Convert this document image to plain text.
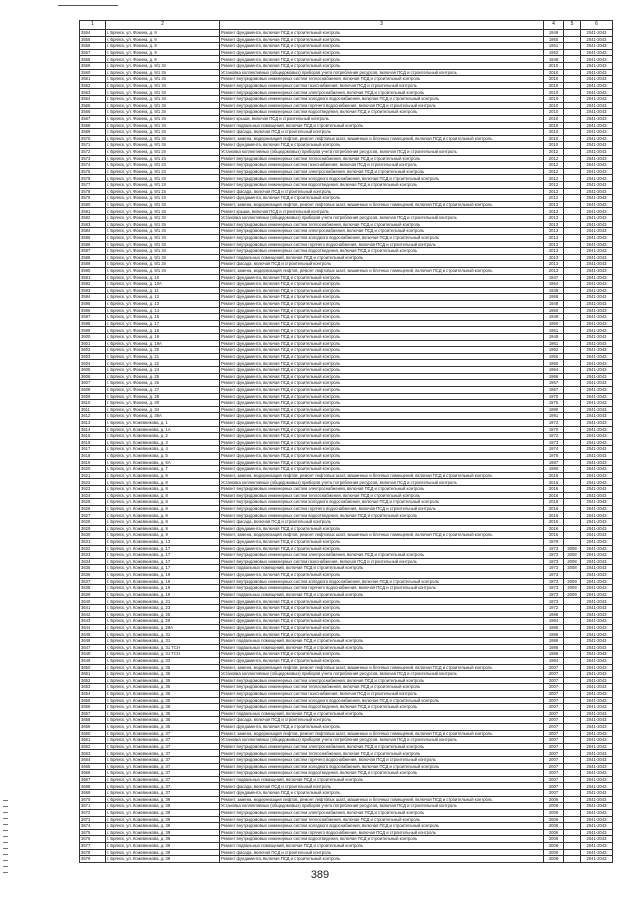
1	2	3	4	5	6
3554	г. Брянск, ул. Фокина, д. 9	Ремонт фундамента, включая ПСД и строительный контроль	1949		2041-2043
3555	г. Брянск, ул. Фокина, д. 9	Ремонт фундамента, включая ПСД и строительный контроль	1950		2041-2043
3556	г. Брянск, ул. Фокина, д. 9	Ремонт фундамента, включая ПСД и строительный контроль	1951		2041-2043
3557	г. Брянск, ул. Фокина, д. 9	Ремонт фундамента, включая ПСД и строительный контроль	1952		2041-2043
3558	г. Брянск, ул. Фокина, д. 9	Ремонт фундамента, включая ПСД и строительный контроль	1948		2041-2043
3559	г. Брянск, ул. Фокина, д. 9/1 3п	Ремонт фундамента, включая ПСД и строительный контроль	2010		2041-2043
3560	г. Брянск, ул. Фокина, д. 9/1 3п	Установка коллективных (общедомовых) приборов учета потребления ресурсов, включая ПСД и строительный контроль	2010		2041-2043
3561	г. Брянск, ул. Фокина, д. 9/1 3п	Ремонт внутридомовых инженерных систем теплоснабжения, включая ПСД и строительный контроль	2010		2041-2043
3562	г. Брянск, ул. Фокина, д. 9/1 3п	Ремонт внутридомовых инженерных систем газоснабжения, включая ПСД и строительный контроль	2010		2041-2043
3563	г. Брянск, ул. Фокина, д. 9/1 3п	Ремонт внутридомовых инженерных систем электроснабжения, включая ПСД и строительный контроль	2010		2041-2043
3564	г. Брянск, ул. Фокина, д. 9/1 3п	Ремонт внутридомовых инженерных систем холодного водоснабжения, включая ПСД и строительный контроль	2010		2041-2043
3565	г. Брянск, ул. Фокина, д. 9/1 3п	Ремонт внутридомовых инженерных систем горячего водоснабжения, включая ПСД и строительный контроль	2010		2041-2043
3566	г. Брянск, ул. Фокина, д. 9/1 3п	Ремонт внутридомовых инженерных систем водоотведения, включая ПСД и строительный контроль	2010		2041-2043
3567	г. Брянск, ул. Фокина, д. 9/1 3п	Ремонт крыши, включая ПСД и строительный контроль	2010		2041-2043
3568	г. Брянск, ул. Фокина, д. 9/1 3п	Ремонт подвальных помещений, включая ПСД и строительный контроль	2010		2041-2043
3569	г. Брянск, ул. Фокина, д. 9/1 3п	Ремонт фасада, включая ПСД и строительный контроль	2010		2041-2043
3570	г. Брянск, ул. Фокина, д. 9/1 3п	Ремонт, замена, модернизация лифтов, ремонт лифтовых шахт, машинных и блочных помещений, включая ПСД и строительный контроль	2010		2041-2043
3571	г. Брянск, ул. Фокина, д. 9/1 3п	Ремонт фундамента, включая ПСД и строительный контроль	2010		2041-2043
3572	г. Брянск, ул. Фокина, д. 9/1 2п	Установка коллективных (общедомовых) приборов учета потребления ресурсов, включая ПСД и строительный контроль	2012		2041-2043
3573	г. Брянск, ул. Фокина, д. 9/1 2п	Ремонт внутридомовых инженерных систем теплоснабжения, включая ПСД и строительный контроль	2012		2041-2043
3574	г. Брянск, ул. Фокина, д. 9/1 2п	Ремонт внутридомовых инженерных систем газоснабжения, включая ПСД и строительный контроль	2012		2041-2043
3575	г. Брянск, ул. Фокина, д. 9/1 2п	Ремонт внутридомовых инженерных систем электроснабжения, включая ПСД и строительный контроль	2012		2041-2043
3576	г. Брянск, ул. Фокина, д. 9/1 2п	Ремонт внутридомовых инженерных систем холодного водоснабжения, включая ПСД и строительный контроль	2012		2041-2043
3577	г. Брянск, ул. Фокина, д. 9/1 2п	Ремонт внутридомовых инженерных систем водоотведения, включая ПСД и строительный контроль	2012		2041-2043
3578	г. Брянск, ул. Фокина, д. 9/1 2п	Ремонт фасада, включая ПСД и строительный контроль	2012		2041-2043
3579	г. Брянск, ул. Фокина, д. 9/1 2п	Ремонт фундамента, включая ПСД и строительный контроль	2012		2041-2043
3580	г. Брянск, ул. Фокина, д. 9/1 3п	Ремонт, замена, модернизация лифтов, ремонт лифтовых шахт, машинных и блочных помещений, включая ПСД и строительный контроль	2013		2041-2043
3581	г. Брянск, ул. Фокина, д. 9/1 3п	Ремонт крыши, включая ПСД и строительный контроль	2013		2041-2043
3582	г. Брянск, ул. Фокина, д. 9/1 3п	Установка коллективных (общедомовых) приборов учета потребления ресурсов, включая ПСД и строительный контроль	2013		2041-2043
3583	г. Брянск, ул. Фокина, д. 9/1 3п	Ремонт внутридомовых инженерных систем теплоснабжения, включая ПСД и строительный контроль	2013		2041-2043
3584	г. Брянск, ул. Фокина, д. 9/1 3п	Ремонт внутридомовых инженерных систем электроснабжения, включая ПСД и строительный контроль	2013		2041-2043
3585	г. Брянск, ул. Фокина, д. 9/1 3п	Ремонт внутридомовых инженерных систем холодного водоснабжения, включая ПСД и строительный контроль	2013		2041-2043
3586	г. Брянск, ул. Фокина, д. 9/1 3п	Ремонт внутридомовых инженерных систем горячего водоснабжения, включая ПСД и строительный контроль	2013		2041-2043
3587	г. Брянск, ул. Фокина, д. 9/1 3п	Ремонт внутридомовых инженерных систем водоотведения, включая ПСД и строительный контроль	2013		2041-2043
3588	г. Брянск, ул. Фокина, д. 9/1 3п	Ремонт подвальных помещений, включая ПСД и строительный контроль	2013		2041-2043
3589	г. Брянск, ул. Фокина, д. 9/1 3п	Ремонт фасада, включая ПСД и строительный контроль	2013		2041-2043
3590	г. Брянск, ул. Фокина, д. 9/1 3п	Ремонт, замена, модернизация лифтов, ремонт лифтовых шахт, машинных и блочных помещений, включая ПСД и строительный контроль	2013		2041-2043
3591	г. Брянск, ул. Фокина, д. 10	Ремонт фундамента, включая ПСД и строительный контроль	1947		2041-2043
3592	г. Брянск, ул. Фокина, д. 10А	Ремонт фундамента, включая ПСД и строительный контроль	1954		2041-2043
3593	г. Брянск, ул. Фокина, д. 11	Ремонт фундамента, включая ПСД и строительный контроль	1948		2041-2043
3594	г. Брянск, ул. Фокина, д. 12	Ремонт фундамента, включая ПСД и строительный контроль	1958		2041-2043
3595	г. Брянск, ул. Фокина, д. 13	Ремонт фундамента, включая ПСД и строительный контроль	1948		2041-2043
3596	г. Брянск, ул. Фокина, д. 14	Ремонт фундамента, включая ПСД и строительный контроль	1950		2041-2043
3597	г. Брянск, ул. Фокина, д. 15	Ремонт фундамента, включая ПСД и строительный контроль	1948		2041-2043
3598	г. Брянск, ул. Фокина, д. 17	Ремонт фундамента, включая ПСД и строительный контроль	1950		2041-2043
3599	г. Брянск, ул. Фокина, д. 18	Ремонт фундамента, включая ПСД и строительный контроль	1951		2041-2043
3600	г. Брянск, ул. Фокина, д. 19	Ремонт фундамента, включая ПСД и строительный контроль	1948		2041-2043
3601	г. Брянск, ул. Фокина, д. 19А	Ремонт фундамента, включая ПСД и строительный контроль	1961		2041-2043
3602	г. Брянск, ул. Фокина, д. 20	Ремонт фундамента, включая ПСД и строительный контроль	1952		2041-2043
3603	г. Брянск, ул. Фокина, д. 21	Ремонт фундамента, включая ПСД и строительный контроль	1955		2041-2043
3604	г. Брянск, ул. Фокина, д. 22	Ремонт фундамента, включая ПСД и строительный контроль	1960		2041-2043
3605	г. Брянск, ул. Фокина, д. 24	Ремонт фундамента, включая ПСД и строительный контроль	1964		2041-2043
3606	г. Брянск, ул. Фокина, д. 25	Ремонт фундамента, включая ПСД и строительный контроль	1966		2041-2043
3607	г. Брянск, ул. Фокина, д. 26	Ремонт фундамента, включая ПСД и строительный контроль	1967		2041-2043
3608	г. Брянск, ул. Фокина, д. 27	Ремонт фундамента, включая ПСД и строительный контроль	1967		2041-2043
3609	г. Брянск, ул. Фокина, д. 28	Ремонт фундамента, включая ПСД и строительный контроль	1970		2041-2043
3610	г. Брянск, ул. Фокина, д. 30	Ремонт фундамента, включая ПСД и строительный контроль	1975		2041-2043
3611	г. Брянск, ул. Фокина, д. 34	Ремонт фундамента, включая ПСД и строительный контроль	1980		2041-2043
3612	г. Брянск, ул. Фокина, д. 36А	Ремонт фундамента, включая ПСД и строительный контроль	1991		2041-2043
3613	г. Брянск, ул. Кожевникова, д. 1	Ремонт фундамента, включая ПСД и строительный контроль	1972		2041-2043
3614	г. Брянск, ул. Кожевникова, д. 1А	Ремонт фундамента, включая ПСД и строительный контроль	1970		2041-2043
3615	г. Брянск, ул. Кожевникова, д. 2	Ремонт фундамента, включая ПСД и строительный контроль	1972		2041-2043
3616	г. Брянск, ул. Кожевникова, д. 3	Ремонт фундамента, включая ПСД и строительный контроль	1973		2041-2043
3617	г. Брянск, ул. Кожевникова, д. 4	Ремонт фундамента, включая ПСД и строительный контроль	1974		2041-2043
3618	г. Брянск, ул. Кожевникова, д. 5	Ремонт фундамента, включая ПСД и строительный контроль	1976		2041-2043
3619	г. Брянск, ул. Кожевникова, д. 6А	Ремонт фундамента, включая ПСД и строительный контроль	1987		2041-2043
3620	г. Брянск, ул. Кожевникова, д. 7	Ремонт фундамента, включая ПСД и строительный контроль	1980		2041-2043
3621	г. Брянск, ул. Кожевникова, д. 8	Ремонт, замена, модернизация лифтов, ремонт лифтовых шахт, машинных и блочных помещений, включая ПСД и строительный контроль	2016		2041-2043
3622	г. Брянск, ул. Кожевникова, д. 8	Установка коллективных (общедомовых) приборов учета потребления ресурсов, включая ПСД и строительный контроль	2016		2041-2043
3623	г. Брянск, ул. Кожевникова, д. 8	Ремонт внутридомовых инженерных систем электроснабжения, включая ПСД и строительный контроль	2016		2041-2043
3624	г. Брянск, ул. Кожевникова, д. 8	Ремонт внутридомовых инженерных систем теплоснабжения, включая ПСД и строительный контроль	2016		2041-2043
3625	г. Брянск, ул. Кожевникова, д. 8	Ремонт внутридомовых инженерных систем холодного водоснабжения, включая ПСД и строительный контроль	2016		2041-2043
3626	г. Брянск, ул. Кожевникова, д. 8	Ремонт внутридомовых инженерных систем горячего водоснабжения, включая ПСД и строительный контроль	2016		2041-2043
3627	г. Брянск, ул. Кожевникова, д. 8	Ремонт внутридомовых инженерных систем водоотведения, включая ПСД и строительный контроль	2016		2041-2043
3628	г. Брянск, ул. Кожевникова, д. 8	Ремонт фасада, включая ПСД и строительный контроль	2016		2041-2043
3629	г. Брянск, ул. Кожевникова, д. 8	Ремонт фундамента, включая ПСД и строительный контроль	2016		2041-2043
3630	г. Брянск, ул. Кожевникова, д. 9	Ремонт, замена, модернизация лифтов, ремонт лифтовых шахт, машинных и блочных помещений, включая ПСД и строительный контроль	2016		2041-2043
3631	г. Брянск, ул. Кожевникова, д. 13	Ремонт фундамента, включая ПСД и строительный контроль	1979		2041-2043
3632	г. Брянск, ул. Кожевникова, д. 17	Ремонт фундамента, включая ПСД и строительный контроль	1973	2008	2041-2043
3633	г. Брянск, ул. Кожевникова, д. 17	Ремонт внутридомовых инженерных систем электроснабжения, включая ПСД и строительный контроль	1973	2008	2041-2043
3634	г. Брянск, ул. Кожевникова, д. 17	Ремонт внутридомовых инженерных систем газоснабжения, включая ПСД и строительный контроль	1973	2008	2041-2043
3635	г. Брянск, ул. Кожевникова, д. 17	Ремонт подвальных помещений, включая ПСД и строительный контроль	1973	2008	2041-2043
3636	г. Брянск, ул. Кожевникова, д. 19	Ремонт фундамента, включая ПСД и строительный контроль	1973		2041-2043
3637	г. Брянск, ул. Кожевникова, д. 19	Ремонт внутридомовых инженерных систем холодного водоснабжения, включая ПСД и строительный контроль	1973	2009	2041-2043
3638	г. Брянск, ул. Кожевникова, д. 19	Ремонт внутридомовых инженерных систем горячего водоснабжения, включая ПСД и строительный контроль	1973	2009	2041-2043
3639	г. Брянск, ул. Кожевникова, д. 19	Ремонт подвальных помещений, включая ПСД и строительный контроль	1973	2009	2041-2043
3640	г. Брянск, ул. Кожевникова, д. 21	Ремонт фундамента, включая ПСД и строительный контроль	1973		2041-2043
3641	г. Брянск, ул. Кожевникова, д. 23	Ремонт фундамента, включая ПСД и строительный контроль	1972		2041-2043
3642	г. Брянск, ул. Кожевникова, д. 25	Ремонт фундамента, включая ПСД и строительный контроль	1988		2041-2043
3643	г. Брянск, ул. Кожевникова, д. 29	Ремонт фундамента, включая ПСД и строительный контроль	1984		2041-2043
3644	г. Брянск, ул. Кожевникова, д. 29А	Ремонт фундамента, включая ПСД и строительный контроль	1985		2041-2043
3645	г. Брянск, ул. Кожевникова, д. 31	Ремонт фундамента, включая ПСД и строительный контроль	1986		2041-2043
3646	г. Брянск, ул. Кожевникова, д. 31	Ремонт подвальных помещений, включая ПСД и строительный контроль	1986		2041-2043
3647	г. Брянск, ул. Кожевникова, д. 31 ТСН	Ремонт подвальных помещений, включая ПСД и строительный контроль	1986		2041-2043
3648	г. Брянск, ул. Кожевникова, д. 31 ТСН	Ремонт фундамента, включая ПСД и строительный контроль	1986		2041-2043
3649	г. Брянск, ул. Кожевникова, д. 33	Ремонт фундамента, включая ПСД и строительный контроль	1984		2041-2043
3650	г. Брянск, ул. Кожевникова, д. 35	Ремонт, замена, модернизация лифтов, ремонт лифтовых шахт, машинных и блочных помещений, включая ПСД и строительный контроль	2007		2041-2043
3651	г. Брянск, ул. Кожевникова, д. 35	Установка коллективных (общедомовых) приборов учета потребления ресурсов, включая ПСД и строительный контроль	2007		2041-2043
3652	г. Брянск, ул. Кожевникова, д. 35	Ремонт внутридомовых инженерных систем электроснабжения, включая ПСД и строительный контроль	2007		2041-2043
3653	г. Брянск, ул. Кожевникова, д. 35	Ремонт внутридомовых инженерных систем теплоснабжения, включая ПСД и строительный контроль	2007		2041-2043
3654	г. Брянск, ул. Кожевникова, д. 35	Ремонт внутридомовых инженерных систем газоснабжения, включая ПСД и строительный контроль	2007		2041-2043
3655	г. Брянск, ул. Кожевникова, д. 35	Ремонт внутридомовых инженерных систем холодного водоснабжения, включая ПСД и строительный контроль	2007		2041-2043
3656	г. Брянск, ул. Кожевникова, д. 35	Ремонт внутридомовых инженерных систем водоотведения, включая ПСД и строительный контроль	2007		2041-2043
3657	г. Брянск, ул. Кожевникова, д. 35	Ремонт подвальных помещений, включая ПСД и строительный контроль	2007		2041-2043
3658	г. Брянск, ул. Кожевникова, д. 35	Ремонт фасада, включая ПСД и строительный контроль	2007		2041-2043
3659	г. Брянск, ул. Кожевникова, д. 35	Ремонт фундамента, включая ПСД и строительный контроль	2007		2041-2043
3660	г. Брянск, ул. Кожевникова, д. 37	Ремонт, замена, модернизация лифтов, ремонт лифтовых шахт, машинных и блочных помещений, включая ПСД и строительный контроль	2007		2041-2043
3661	г. Брянск, ул. Кожевникова, д. 37	Установка коллективных (общедомовых) приборов учета потребления ресурсов, включая ПСД и строительный контроль	2007		2041-2043
3662	г. Брянск, ул. Кожевникова, д. 37	Ремонт внутридомовых инженерных систем электроснабжения, включая ПСД и строительный контроль	2007		2041-2043
3663	г. Брянск, ул. Кожевникова, д. 37	Ремонт внутридомовых инженерных систем теплоснабжения, включая ПСД и строительный контроль	2007		2041-2043
3664	г. Брянск, ул. Кожевникова, д. 37	Ремонт внутридомовых инженерных систем горячего водоснабжения, включая ПСД и строительный контроль	2007		2041-2043
3665	г. Брянск, ул. Кожевникова, д. 37	Ремонт внутридомовых инженерных систем холодного водоснабжения, включая ПСД и строительный контроль	2007		2041-2043
3666	г. Брянск, ул. Кожевникова, д. 37	Ремонт внутридомовых инженерных систем водоотведения, включая ПСД и строительный контроль	2007		2041-2043
3667	г. Брянск, ул. Кожевникова, д. 37	Ремонт подвальных помещений, включая ПСД и строительный контроль	2007		2041-2043
3668	г. Брянск, ул. Кожевникова, д. 37	Ремонт фасада, включая ПСД и строительный контроль	2007		2041-2043
3669	г. Брянск, ул. Кожевникова, д. 37	Ремонт фундамента, включая ПСД и строительный контроль	2007		2041-2043
3670	г. Брянск, ул. Кожевникова, д. 39	Ремонт, замена, модернизация лифтов, ремонт лифтовых шахт, машинных и блочных помещений, включая ПСД и строительный контроль	2006		2041-2043
3671	г. Брянск, ул. Кожевникова, д. 39	Установка коллективных (общедомовых) приборов учета потребления ресурсов, включая ПСД и строительный контроль	2006		2041-2043
3672	г. Брянск, ул. Кожевникова, д. 39	Ремонт внутридомовых инженерных систем электроснабжения, включая ПСД и строительный контроль	2006		2041-2043
3673	г. Брянск, ул. Кожевникова, д. 39	Ремонт внутридомовых инженерных систем теплоснабжения, включая ПСД и строительный контроль	2006		2041-2043
3674	г. Брянск, ул. Кожевникова, д. 39	Ремонт внутридомовых инженерных систем холодного водоснабжения, включая ПСД и строительный контроль	2006		2041-2043
3675	г. Брянск, ул. Кожевникова, д. 39	Ремонт внутридомовых инженерных систем горячего водоснабжения, включая ПСД и строительный контроль	2006		2041-2043
3676	г. Брянск, ул. Кожевникова, д. 39	Ремонт внутридомовых инженерных систем водоотведения, включая ПСД и строительный контроль	2006		2041-2043
3677	г. Брянск, ул. Кожевникова, д. 39	Ремонт подвальных помещений, включая ПСД и строительный контроль	2006		2041-2043
3678	г. Брянск, ул. Кожевникова, д. 39	Ремонт фасада, включая ПСД и строительный контроль	2006		2041-2043
3679	г. Брянск, ул. Кожевникова, д. 39	Ремонт фундамента, включая ПСД и строительный контроль	2006		2041-2043
389
